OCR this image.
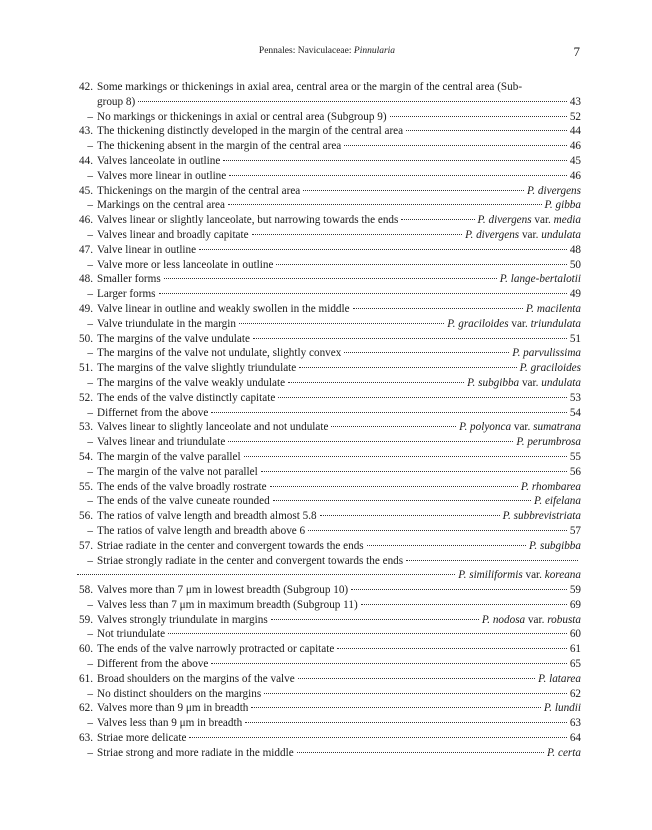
Pennales: Naviculaceae: Pinnularia	7
42. Some markings or thickenings in axial area, central area or the margin of the central area (Sub-
group 8)	43
– No markings or thickenings in axial or central area (Subgroup 9)	52
43. The thickening distinctly developed in the margin of the central area	44
– The thickening absent in the margin of the central area	46
44. Valves lanceolate in outline	45
– Valves more linear in outline	46
45. Thickenings on the margin of the central area	P. divergens
– Markings on the central area	P. gibba
46. Valves linear or slightly lanceolate, but narrowing towards the ends	P. divergens var. media
– Valves linear and broadly capitate	P. divergens var. undulata
47. Valve linear in outline	48
– Valve more or less lanceolate in outline	50
48. Smaller forms	P. lange-bertalotii
– Larger forms	49
49. Valve linear in outline and weakly swollen in the middle	P. macilenta
– Valve triundulate in the margin	P. graciloides var. triundulata
50. The margins of the valve undulate	51
– The margins of the valve not undulate, slightly convex	P. parvulissima
51. The margins of the valve slightly triundulate	P. graciloides
– The margins of the valve weakly undulate	P. subgibba var. undulata
52. The ends of the valve distinctly capitate	53
– Differnet from the above	54
53. Valves linear to slightly lanceolate and not undulate	P. polyonca var. sumatrana
– Valves linear and triundulate	P. perumbrosa
54. The margin of the valve parallel	55
– The margin of the valve not parallel	56
55. The ends of the valve broadly rostrate	P. rhombarea
– The ends of the valve cuneate rounded	P. eifelana
56. The ratios of valve length and breadth almost 5.8	P. subbrevistriata
– The ratios of valve length and breadth above 6	57
57. Striae radiate in the center and convergent towards the ends	P. subgibba
– Striae strongly radiate in the center and convergent towards the ends
P. similiformis var. koreana
58. Valves more than 7 μm in lowest breadth (Subgroup 10)	59
– Valves less than 7 μm in maximum breadth (Subgroup 11)	69
59. Valves strongly triundulate in margins	P. nodosa var. robusta
– Not triundulate	60
60. The ends of the valve narrowly protracted or capitate	61
– Different from the above	65
61. Broad shoulders on the margins of the valve	P. latarea
– No distinct shoulders on the margins	62
62. Valves more than 9 μm in breadth	P. lundii
– Valves less than 9 μm in breadth	63
63. Striae more delicate	64
– Striae strong and more radiate in the middle	P. certa
